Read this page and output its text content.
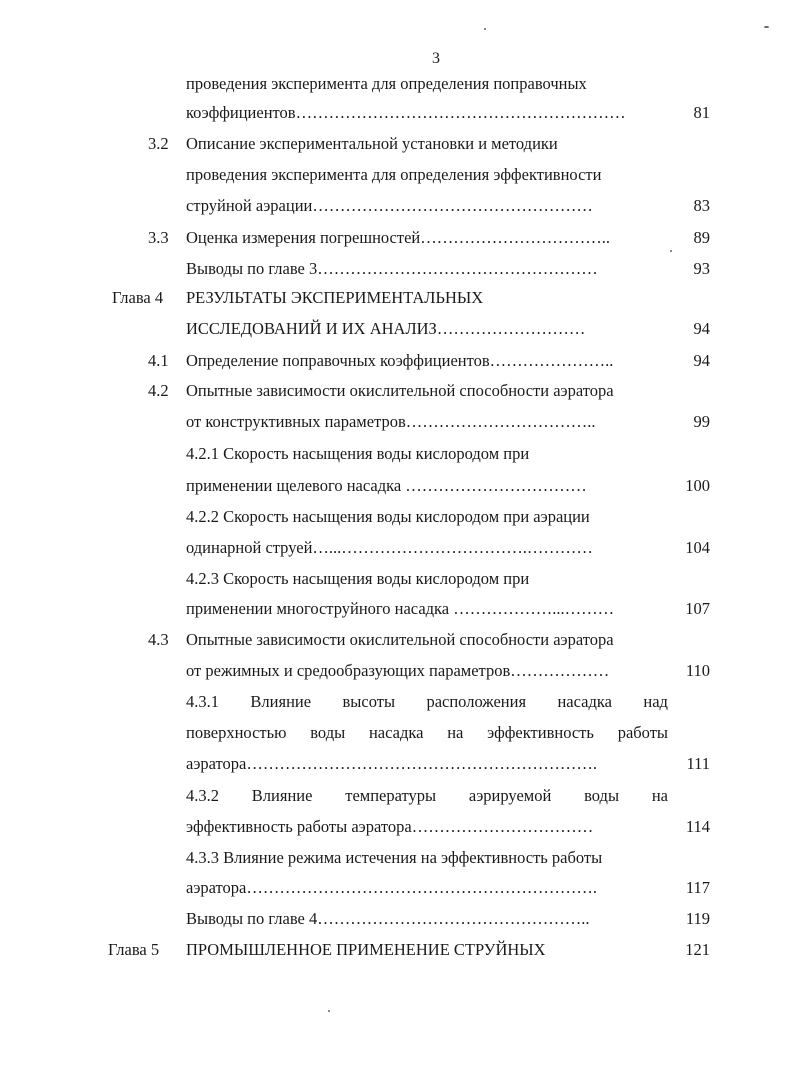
3
проведения эксперимента для определения поправочных
коэффициентов……………………………………………………	81
3.2 Описание экспериментальной установки и методики
проведения эксперимента для определения эффективности
струйной аэрации……………………………………………	83
3.3 Оценка измерения погрешностей……………………………..	89
Выводы по главе 3……………………………………………	93
Глава 4 РЕЗУЛЬТАТЫ ЭКСПЕРИМЕНТАЛЬНЫХ
ИССЛЕДОВАНИЙ И ИХ АНАЛИЗ………………………	94
4.1 Определение поправочных коэффициентов…………………..	94
4.2 Опытные зависимости окислительной способности аэратора
от конструктивных параметров……………………………..	99
4.2.1 Скорость насыщения воды кислородом при
применении щелевого насадка ……………………………	100
4.2.2 Скорость насыщения воды кислородом при аэрации
одинарной струей…...…………………………….…………	104
4.2.3 Скорость насыщения воды кислородом при
применении многоструйного насадка ………………...………	107
4.3 Опытные зависимости окислительной способности аэратора
от режимных и средообразующих параметров………………	110
4.3.1 Влияние высоты расположения насадка над
поверхностью воды насадка на эффективность работы
аэратора……………………………………………………….	111
4.3.2 Влияние температуры аэрируемой воды на
эффективность работы аэратора……………………………	114
4.3.3 Влияние режима истечения на эффективность работы
аэратора……………………………………………………….	117
Выводы по главе 4…………………………………………..	119
Глава 5 ПРОМЫШЛЕННОЕ ПРИМЕНЕНИЕ СТРУЙНЫХ	121
